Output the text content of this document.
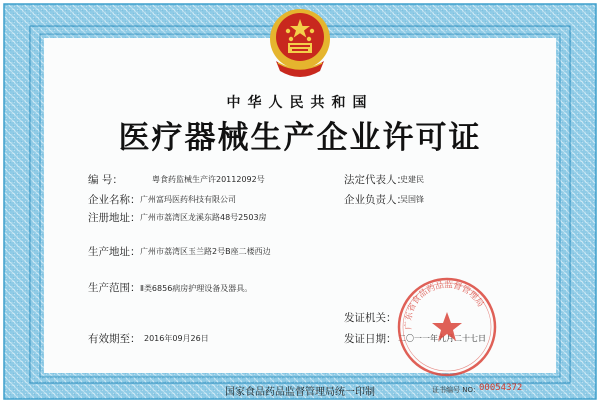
中华人民共和国
医疗器械生产企业许可证
编 号：	粤食药监械生产许20112092号
企业名称： 广州富玛医药科技有限公司
注册地址： 广州市荔湾区龙溪东路48号2503房
生产地址： 广州市荔湾区玉兰路2号B座二楼西边
生产范围： Ⅱ类6856病房护理设备及器具。
有效期至： 2016年09月26日
法定代表人：
史建民
企业负责人：
吴国锋
发证机关：
发证日期： 二〇一一年九月二十七日
广东省食品药品监督管理局
国家食品药品监督管理局统一印制	证书编号 NO： 00054372
